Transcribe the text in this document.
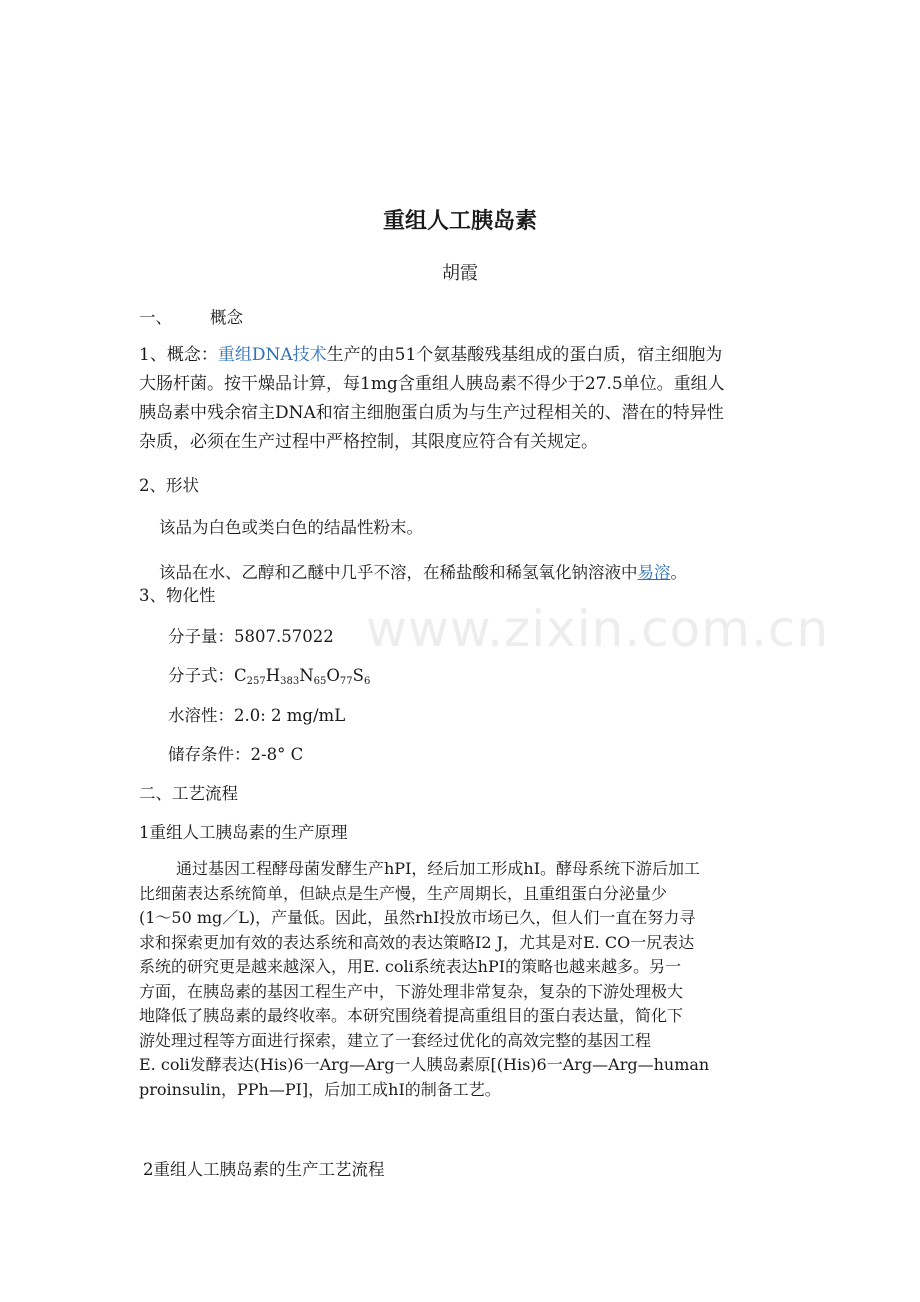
www.zixin.com.cn
重组人工胰岛素
胡霞
一、 概念
1、概念：重组DNA技术生产的由51个氨基酸残基组成的蛋白质，宿主细胞为
大肠杆菌。按干燥品计算，每1mg含重组人胰岛素不得少于27.5单位。重组人
胰岛素中残余宿主DNA和宿主细胞蛋白质为与生产过程相关的、潜在的特异性
杂质，必须在生产过程中严格控制，其限度应符合有关规定。
2、形状
该品为白色或类白色的结晶性粉末。
该品在水、乙醇和乙醚中几乎不溶，在稀盐酸和稀氢氧化钠溶液中易溶。
3、物化性
分子量：5807.57022
分子式：$C_{257}H_{383}N_{65}O_{77}S_6$
水溶性：2.0: 2 mg/mL
储存条件：2-8° C
二、工艺流程
1重组人工胰岛素的生产原理
通过基因工程酵母菌发酵生产hPI，经后加工形成hI。酵母系统下游后加工
比细菌表达系统简单，但缺点是生产慢，生产周期长，且重组蛋白分泌量少
(1～50 mg／L)，产量低。因此，虽然rhI投放市场已久，但人们一直在努力寻
求和探索更加有效的表达系统和高效的表达策略I2 J，尤其是对E. CO一尻表达
系统的研究更是越来越深入，用E. coli系统表达hPI的策略也越来越多。另一
方面，在胰岛素的基因工程生产中，下游处理非常复杂，复杂的下游处理极大
地降低了胰岛素的最终收率。本研究围绕着提高重组目的蛋白表达量，简化下
游处理过程等方面进行探索，建立了一套经过优化的高效完整的基因工程
E. coli发酵表达(His)6一Arg—Arg一人胰岛素原[(His)6一Arg—Arg—human
proinsulin，PPh—PI]，后加工成hI的制备工艺。
2重组人工胰岛素的生产工艺流程
